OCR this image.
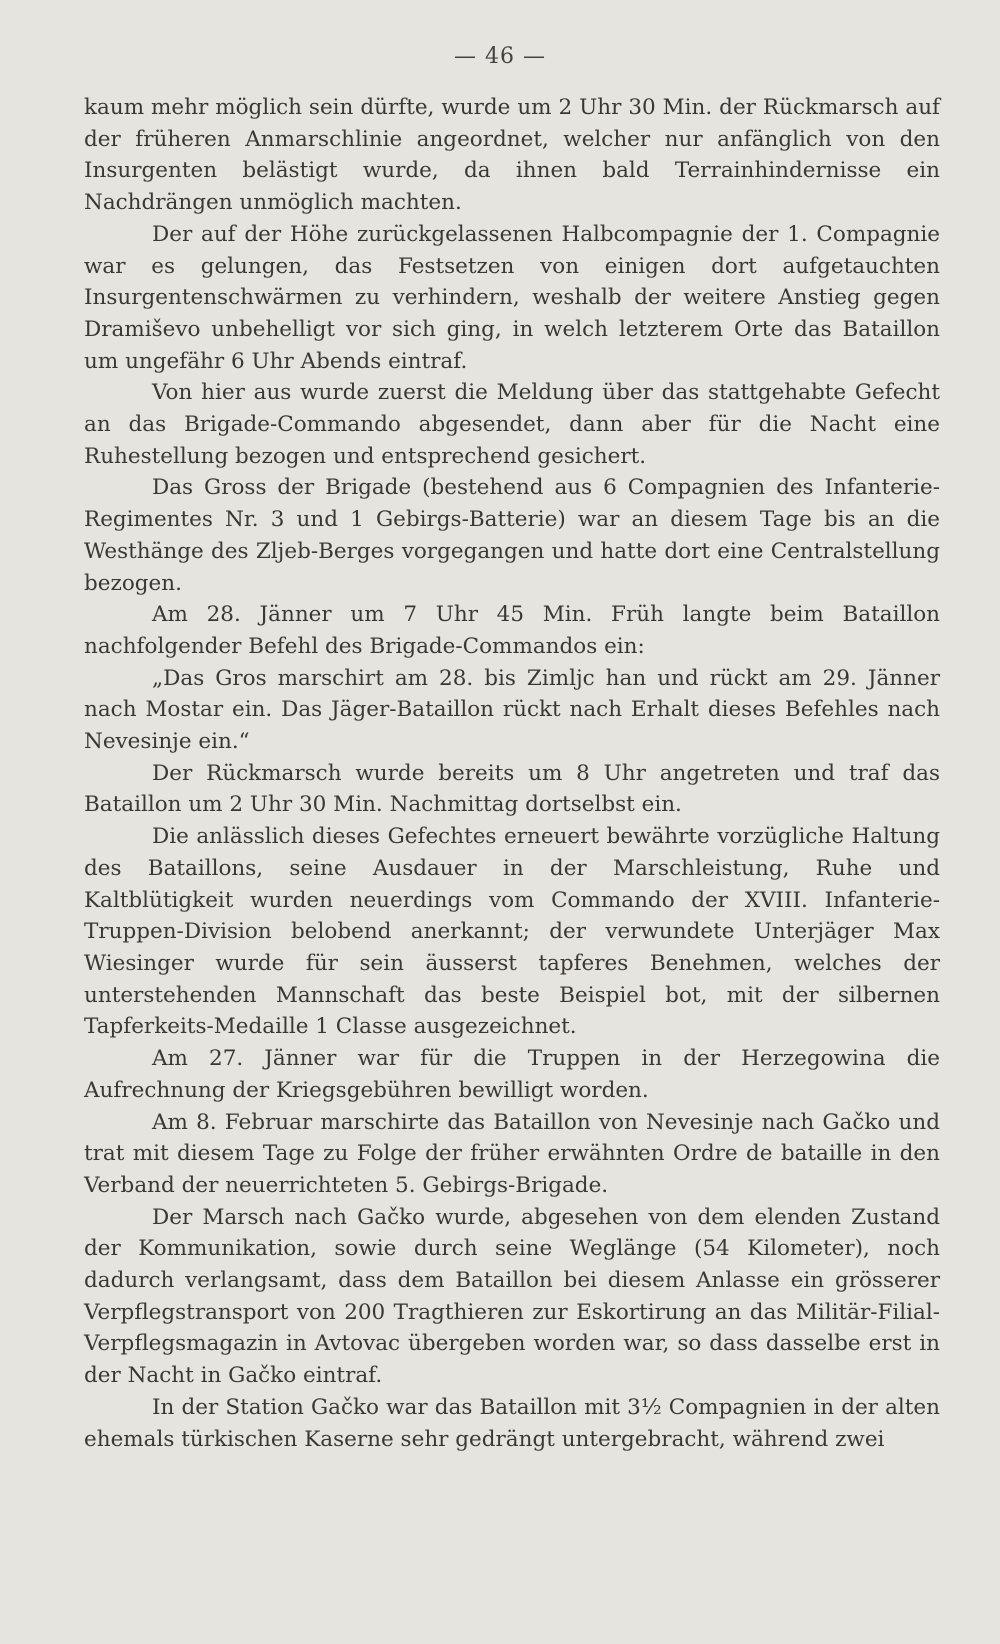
— 46 —

kaum mehr möglich sein dürfte, wurde um 2 Uhr 30 Min. der Rückmarsch auf der früheren Anmarschlinie angeordnet, welcher nur anfänglich von den Insurgenten belästigt wurde, da ihnen bald Terrainhindernisse ein Nachdrängen unmöglich machten.

Der auf der Höhe zurückgelassenen Halbcompagnie der 1. Compagnie war es gelungen, das Festsetzen von einigen dort aufgetauchten Insurgentenschwärmen zu verhindern, weshalb der weitere Anstieg gegen Dramiševo unbehelligt vor sich ging, in welch letzterem Orte das Bataillon um ungefähr 6 Uhr Abends eintraf.

Von hier aus wurde zuerst die Meldung über das stattgehabte Gefecht an das Brigade-Commando abgesendet, dann aber für die Nacht eine Ruhestellung bezogen und entsprechend gesichert.

Das Gross der Brigade (bestehend aus 6 Compagnien des Infanterie-Regimentes Nr. 3 und 1 Gebirgs-Batterie) war an diesem Tage bis an die Westhänge des Zljeb-Berges vorgegangen und hatte dort eine Centralstellung bezogen.

Am 28. Jänner um 7 Uhr 45 Min. Früh langte beim Bataillon nachfolgender Befehl des Brigade-Commandos ein:

„Das Gros marschirt am 28. bis Zimljc han und rückt am 29. Jänner nach Mostar ein. Das Jäger-Bataillon rückt nach Erhalt dieses Befehles nach Nevesinje ein.“

Der Rückmarsch wurde bereits um 8 Uhr angetreten und traf das Bataillon um 2 Uhr 30 Min. Nachmittag dortselbst ein.

Die anlässlich dieses Gefechtes erneuert bewährte vorzügliche Haltung des Bataillons, seine Ausdauer in der Marschleistung, Ruhe und Kaltblütigkeit wurden neuerdings vom Commando der XVIII. Infanterie-Truppen-Division belobend anerkannt; der verwundete Unterjäger Max Wiesinger wurde für sein äusserst tapferes Benehmen, welches der unterstehenden Mannschaft das beste Beispiel bot, mit der silbernen Tapferkeits-Medaille 1 Classe ausgezeichnet.

Am 27. Jänner war für die Truppen in der Herzegowina die Aufrechnung der Kriegsgebühren bewilligt worden.

Am 8. Februar marschirte das Bataillon von Nevesinje nach Gačko und trat mit diesem Tage zu Folge der früher erwähnten Ordre de bataille in den Verband der neuerrichteten 5. Gebirgs-Brigade.

Der Marsch nach Gačko wurde, abgesehen von dem elenden Zustand der Kommunikation, sowie durch seine Weglänge (54 Kilometer), noch dadurch verlangsamt, dass dem Bataillon bei diesem Anlasse ein grösserer Verpflegstransport von 200 Tragthieren zur Eskortirung an das Militär-Filial-Verpflegsmagazin in Avtovac übergeben worden war, so dass dasselbe erst in der Nacht in Gačko eintraf.

In der Station Gačko war das Bataillon mit 3½ Compagnien in der alten ehemals türkischen Kaserne sehr gedrängt untergebracht, während zwei
